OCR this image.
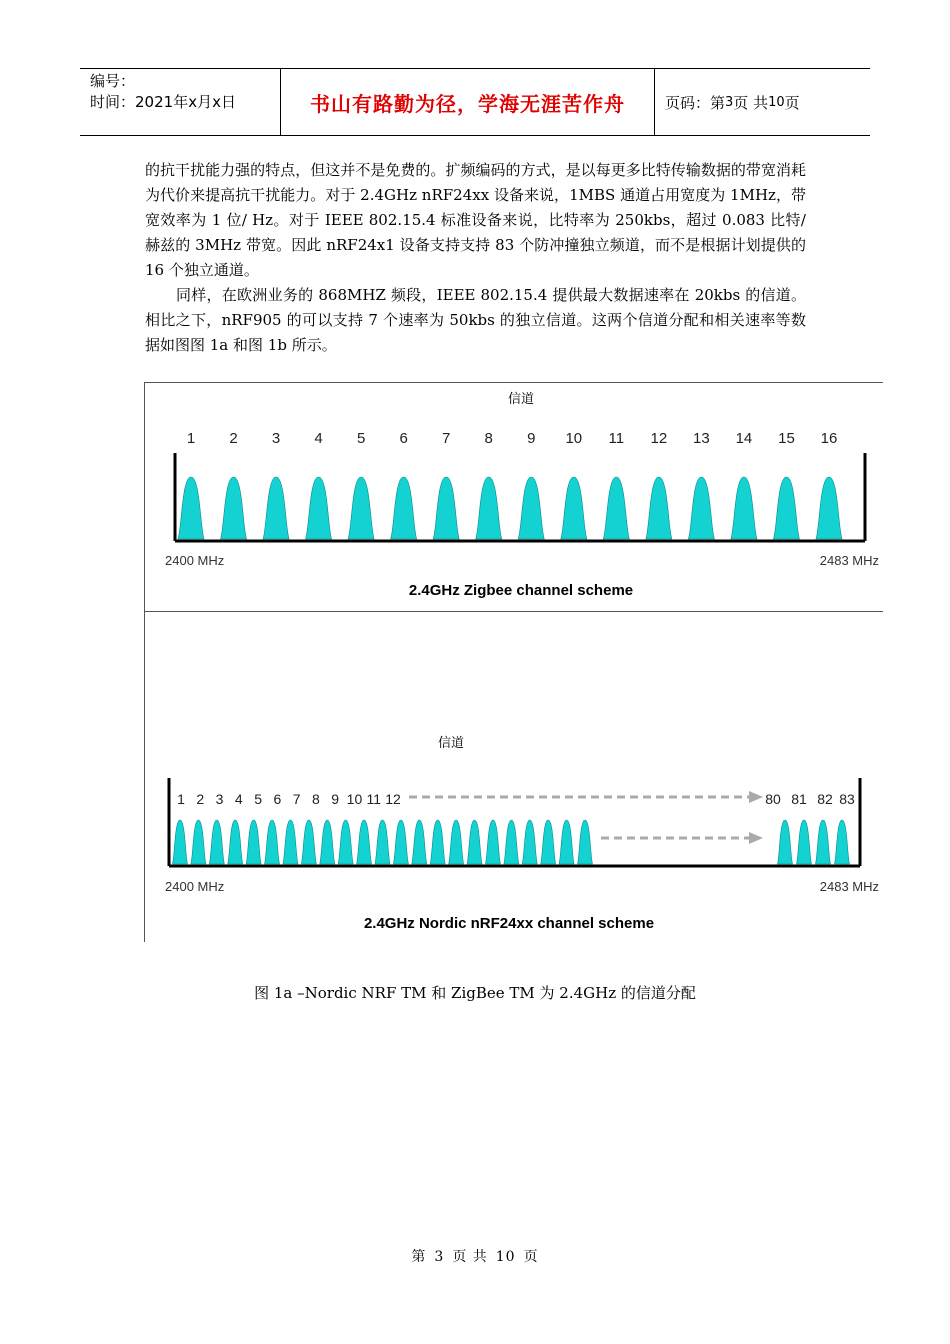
编号：
时间：2021年x月x日	书山有路勤为径，学海无涯苦作舟	页码：第 3 页 共 10 页
的抗干扰能力强的特点，但这并不是免费的。扩频编码的方式，是以每更多比特传输数据的带宽消耗为代价来提高抗干扰能力。对于 2.4GHz nRF24xx 设备来说，1MBS 通道占用宽度为 1MHz，带宽效率为 1 位/ Hz。对于 IEEE 802.15.4 标准设备来说，比特率为 250kbs，超过 0.083 比特/赫兹的 3MHz 带宽。因此 nRF24x1 设备支持支持 83 个防冲撞独立频道，而不是根据计划提供的 16 个独立通道。
同样，在欧洲业务的 868MHZ 频段，IEEE 802.15.4 提供最大数据速率在 20kbs 的信道。相比之下，nRF905 的可以支持 7 个速率为 50kbs 的独立信道。这两个信道分配和相关速率等数据如图图 1a 和图 1b 所示。
信道
1 2 3 4 5 6 7 8 9 10 11 12 13 14 15 16
2400 MHz	2483 MHz
2.4GHz Zigbee channel scheme
信道
1 2 3 4 5 6 7 8 9 10 11 12	80 81 82 83
2400 MHz	2483 MHz
2.4GHz Nordic nRF24xx channel scheme
图 1a –Nordic NRF TM 和 ZigBee TM 为 2.4GHz 的信道分配
第 3 页 共 10 页
